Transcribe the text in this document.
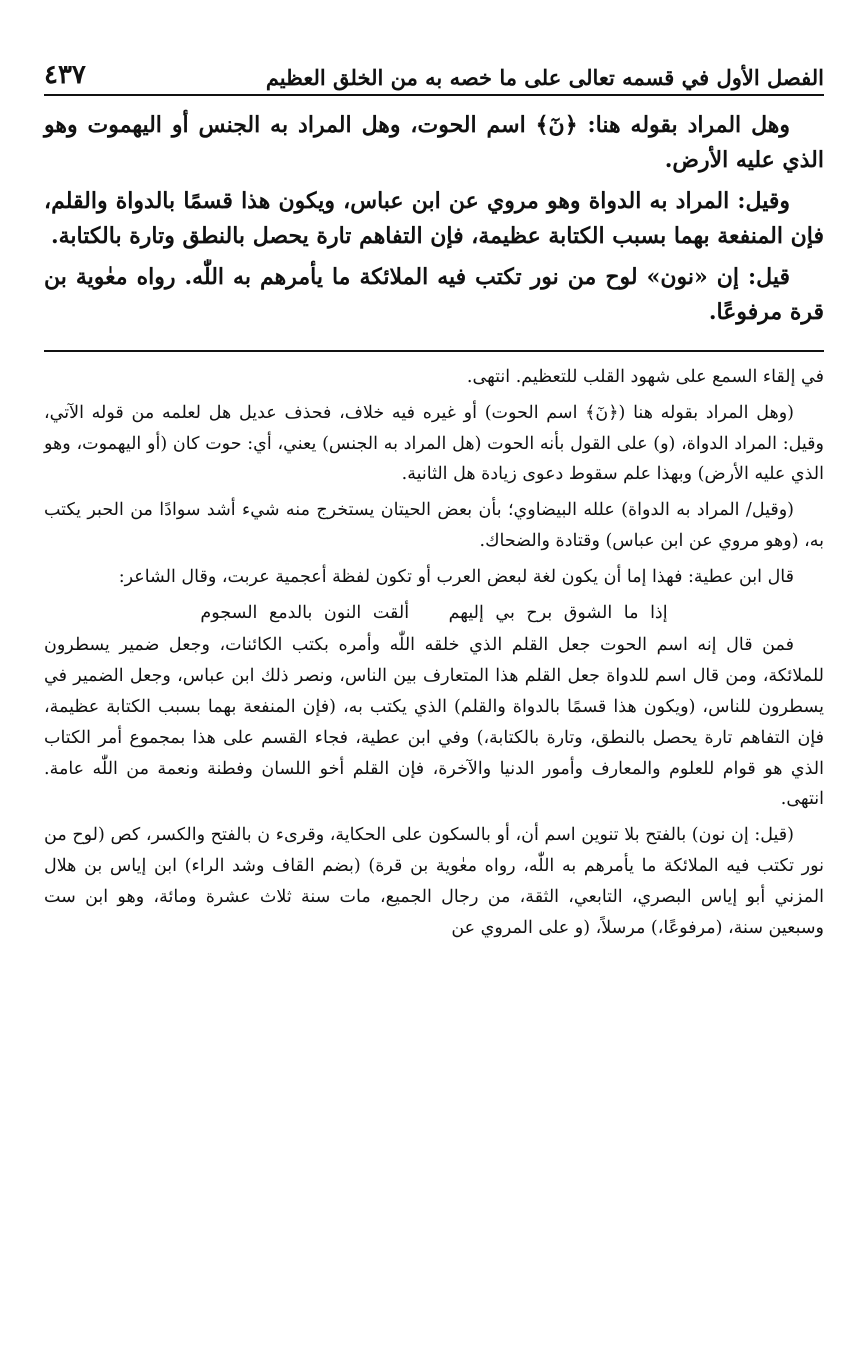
الفصل الأول في قسمه تعالى على ما خصه به من الخلق العظيم
٤٣٧

وهل المراد بقوله هنا: ﴿نٓ﴾ اسم الحوت، وهل المراد به الجنس أو اليهموت وهو الذي عليه الأرض.

وقيل: المراد به الدواة وهو مروي عن ابن عباس، ويكون هذا قسمًا بالدواة والقلم، فإن المنفعة بهما بسبب الكتابة عظيمة، فإن التفاهم تارة يحصل بالنطق وتارة بالكتابة.

قيل: إن «نون» لوح من نور تكتب فيه الملائكة ما يأمرهم به اللّٰه. رواه معٰوية بن قرة مرفوعًا.

في إلقاء السمع على شهود القلب للتعظيم. انتهى.

(وهل المراد بقوله هنا (﴿نٓ﴾ اسم الحوت) أو غيره فيه خلاف، فحذف عديل هل لعلمه من قوله الآتي، وقيل: المراد الدواة، (و) على القول بأنه الحوت (هل المراد به الجنس) يعني، أي: حوت كان (أو اليهموت، وهو الذي عليه الأرض) وبهذا علم سقوط دعوى زيادة هل الثانية.

(وقيل/ المراد به الدواة) علله البيضاوي؛ بأن بعض الحيتان يستخرج منه شيء أشد سوادًا من الحبر يكتب به، (وهو مروي عن ابن عباس) وقتادة والضحاك.

قال ابن عطية: فهذا إما أن يكون لغة لبعض العرب أو تكون لفظة أعجمية عربت، وقال الشاعر:

إذا ما الشوق برح بي إليهم ألقت النون بالدمع السجوم

فمن قال إنه اسم الحوت جعل القلم الذي خلقه اللّٰه وأمره بكتب الكائنات، وجعل ضمير يسطرون للملائكة، ومن قال اسم للدواة جعل القلم هذا المتعارف بين الناس، ونصر ذلك ابن عباس، وجعل الضمير في يسطرون للناس، (ويكون هذا قسمًا بالدواة والقلم) الذي يكتب به، (فإن المنفعة بهما بسبب الكتابة عظيمة، فإن التفاهم تارة يحصل بالنطق، وتارة بالكتابة،) وفي ابن عطية، فجاء القسم على هذا بمجموع أمر الكتاب الذي هو قوام للعلوم والمعارف وأمور الدنيا والآخرة، فإن القلم أخو اللسان وفطنة ونعمة من اللّٰه عامة. انتهى.

(قيل: إن نون) بالفتح بلا تنوين اسم أن، أو بالسكون على الحكاية، وقرىء ن بالفتح والكسر، كص (لوح من نور تكتب فيه الملائكة ما يأمرهم به اللّٰه، رواه معٰوية بن قرة) (بضم القاف وشد الراء) ابن إياس بن هلال المزني أبو إياس البصري، التابعي، الثقة، من رجال الجميع، مات سنة ثلاث عشرة ومائة، وهو ابن ست وسبعين سنة، (مرفوعًا،) مرسلاً، (و على المروي عن
